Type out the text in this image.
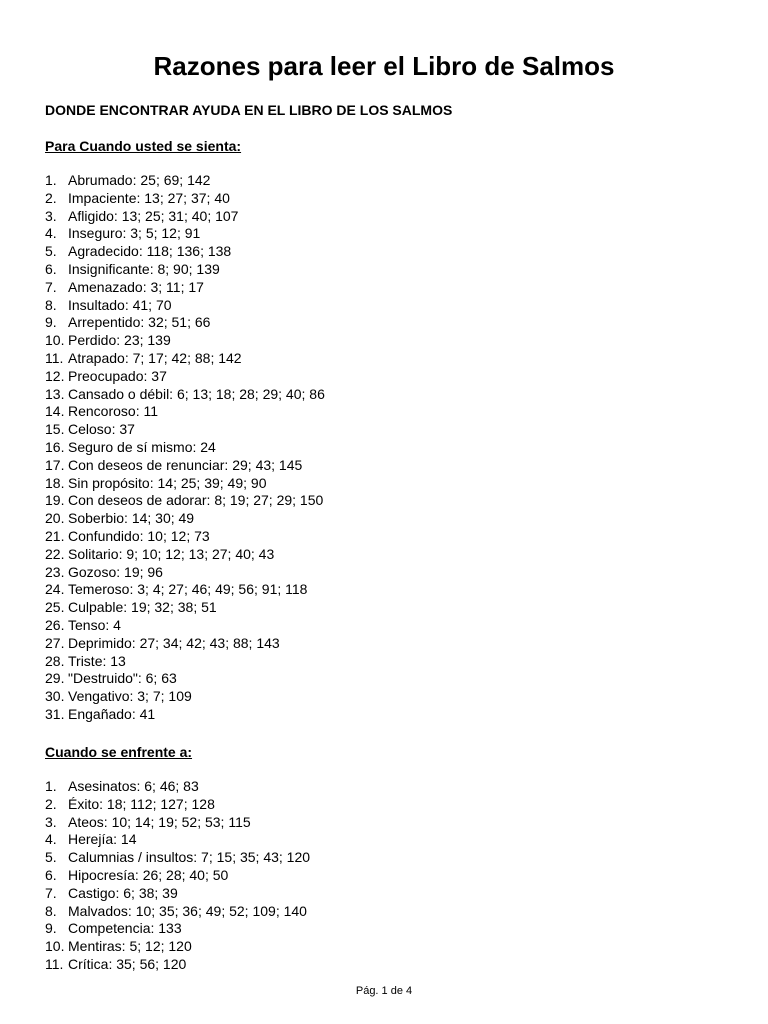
Razones para leer el Libro de Salmos
DONDE ENCONTRAR AYUDA EN EL LIBRO DE LOS SALMOS
Para Cuando usted se sienta:
1. Abrumado: 25; 69; 142
2. Impaciente: 13; 27; 37; 40
3. Afligido: 13; 25; 31; 40; 107
4. Inseguro: 3; 5; 12; 91
5. Agradecido: 118; 136; 138
6. Insignificante: 8; 90; 139
7. Amenazado: 3; 11; 17
8. Insultado: 41; 70
9. Arrepentido: 32; 51; 66
10. Perdido: 23; 139
11. Atrapado: 7; 17; 42; 88; 142
12. Preocupado: 37
13. Cansado o débil: 6; 13; 18; 28; 29; 40; 86
14. Rencoroso: 11
15. Celoso: 37
16. Seguro de sí mismo: 24
17. Con deseos de renunciar: 29; 43; 145
18. Sin propósito: 14; 25; 39; 49; 90
19. Con deseos de adorar: 8; 19; 27; 29; 150
20. Soberbio: 14; 30; 49
21. Confundido: 10; 12; 73
22. Solitario: 9; 10; 12; 13; 27; 40; 43
23. Gozoso: 19; 96
24. Temeroso: 3; 4; 27; 46; 49; 56; 91; 118
25. Culpable: 19; 32; 38; 51
26. Tenso: 4
27. Deprimido: 27; 34; 42; 43; 88; 143
28. Triste: 13
29. "Destruido": 6; 63
30. Vengativo: 3; 7; 109
31. Engañado: 41
Cuando se enfrente a:
1. Asesinatos: 6; 46; 83
2. Éxito: 18; 112; 127; 128
3. Ateos: 10; 14; 19; 52; 53; 115
4. Herejía: 14
5. Calumnias / insultos: 7; 15; 35; 43; 120
6. Hipocresía: 26; 28; 40; 50
7. Castigo: 6; 38; 39
8. Malvados: 10; 35; 36; 49; 52; 109; 140
9. Competencia: 133
10. Mentiras: 5; 12; 120
11. Crítica: 35; 56; 120
Pág. 1 de 4
